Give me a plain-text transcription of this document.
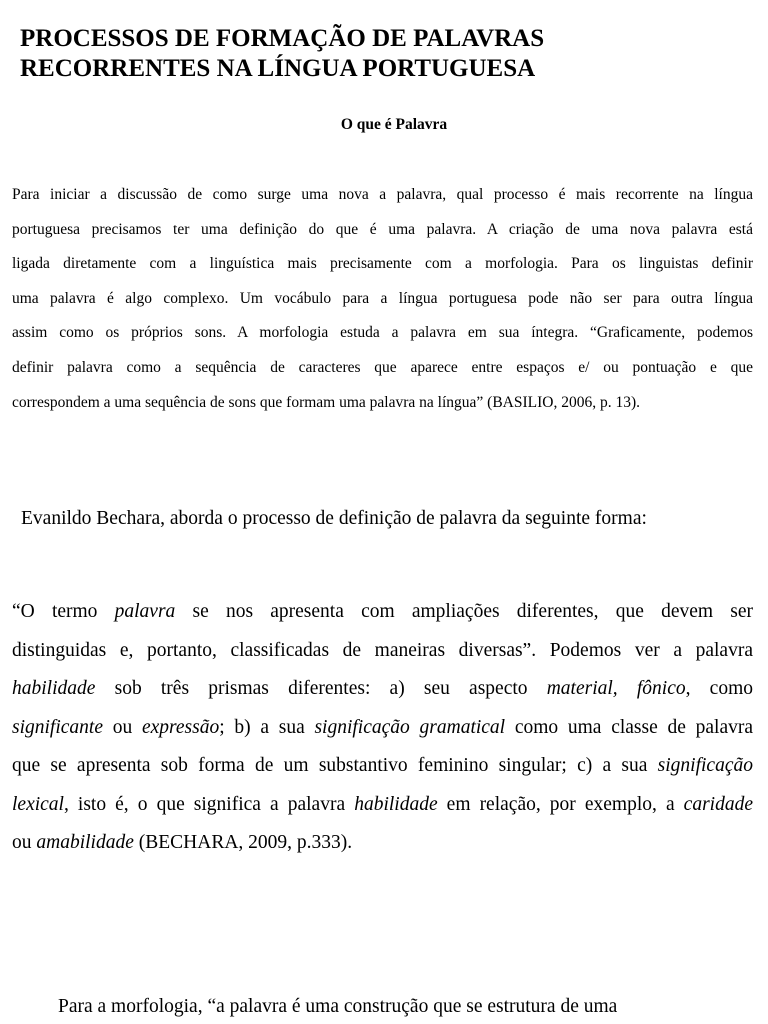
PROCESSOS DE FORMAÇÃO DE PALAVRAS
RECORRENTES NA LÍNGUA PORTUGUESA
O que é Palavra
Para iniciar a discussão de como surge uma nova a palavra, qual processo é mais recorrente na língua
portuguesa precisamos ter uma definição do que é uma palavra. A criação de uma nova palavra está
ligada diretamente com a linguística mais precisamente com a morfologia. Para os linguistas definir
uma palavra é algo complexo. Um vocábulo para a língua portuguesa pode não ser para outra língua
assim como os próprios sons. A morfologia estuda a palavra em sua íntegra. “Graficamente, podemos
definir palavra como a sequência de caracteres que aparece entre espaços e/ ou pontuação e que
correspondem a uma sequência de sons que formam uma palavra na língua” (BASILIO, 2006, p. 13).

Evanildo Bechara, aborda o processo de definição de palavra da seguinte forma:

“O termo palavra se nos apresenta com ampliações diferentes, que devem ser
distinguidas e, portanto, classificadas de maneiras diversas”. Podemos ver a palavra
habilidade sob três prismas diferentes: a) seu aspecto material, fônico, como
significante ou expressão; b) a sua significação gramatical como uma classe de palavra
que se apresenta sob forma de um substantivo feminino singular; c) a sua significação
lexical, isto é, o que significa a palavra habilidade em relação, por exemplo, a caridade
ou amabilidade (BECHARA, 2009, p.333).

Para a morfologia, “a palavra é uma construção que se estrutura de uma
